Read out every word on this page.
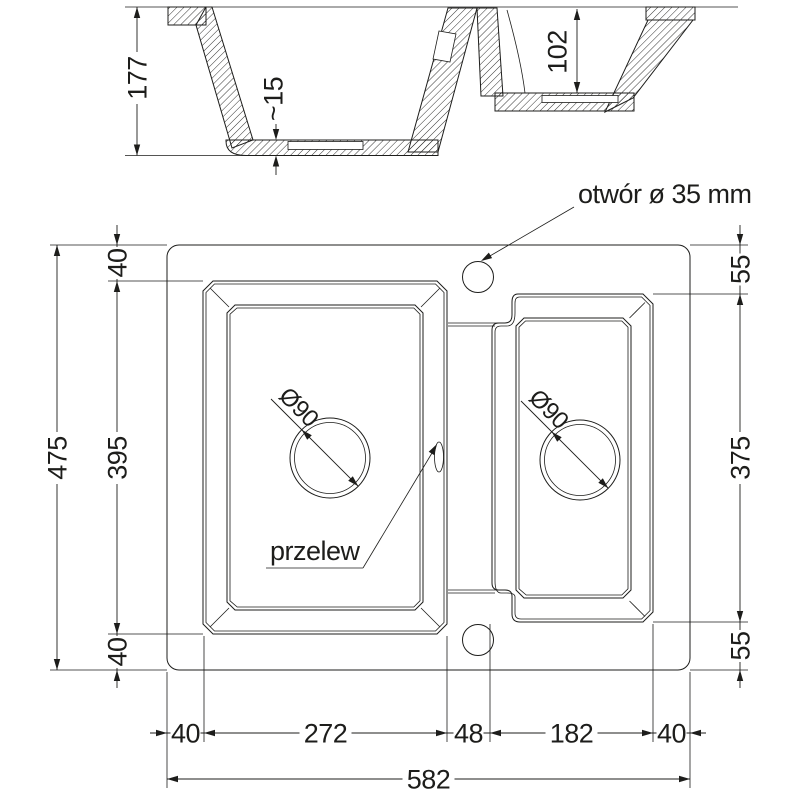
177	~15
102
otwór ø 35 mm
Ø90	Ø90
przelew
475
40
395
40
55
375
55
40	272	48 182 40
582
